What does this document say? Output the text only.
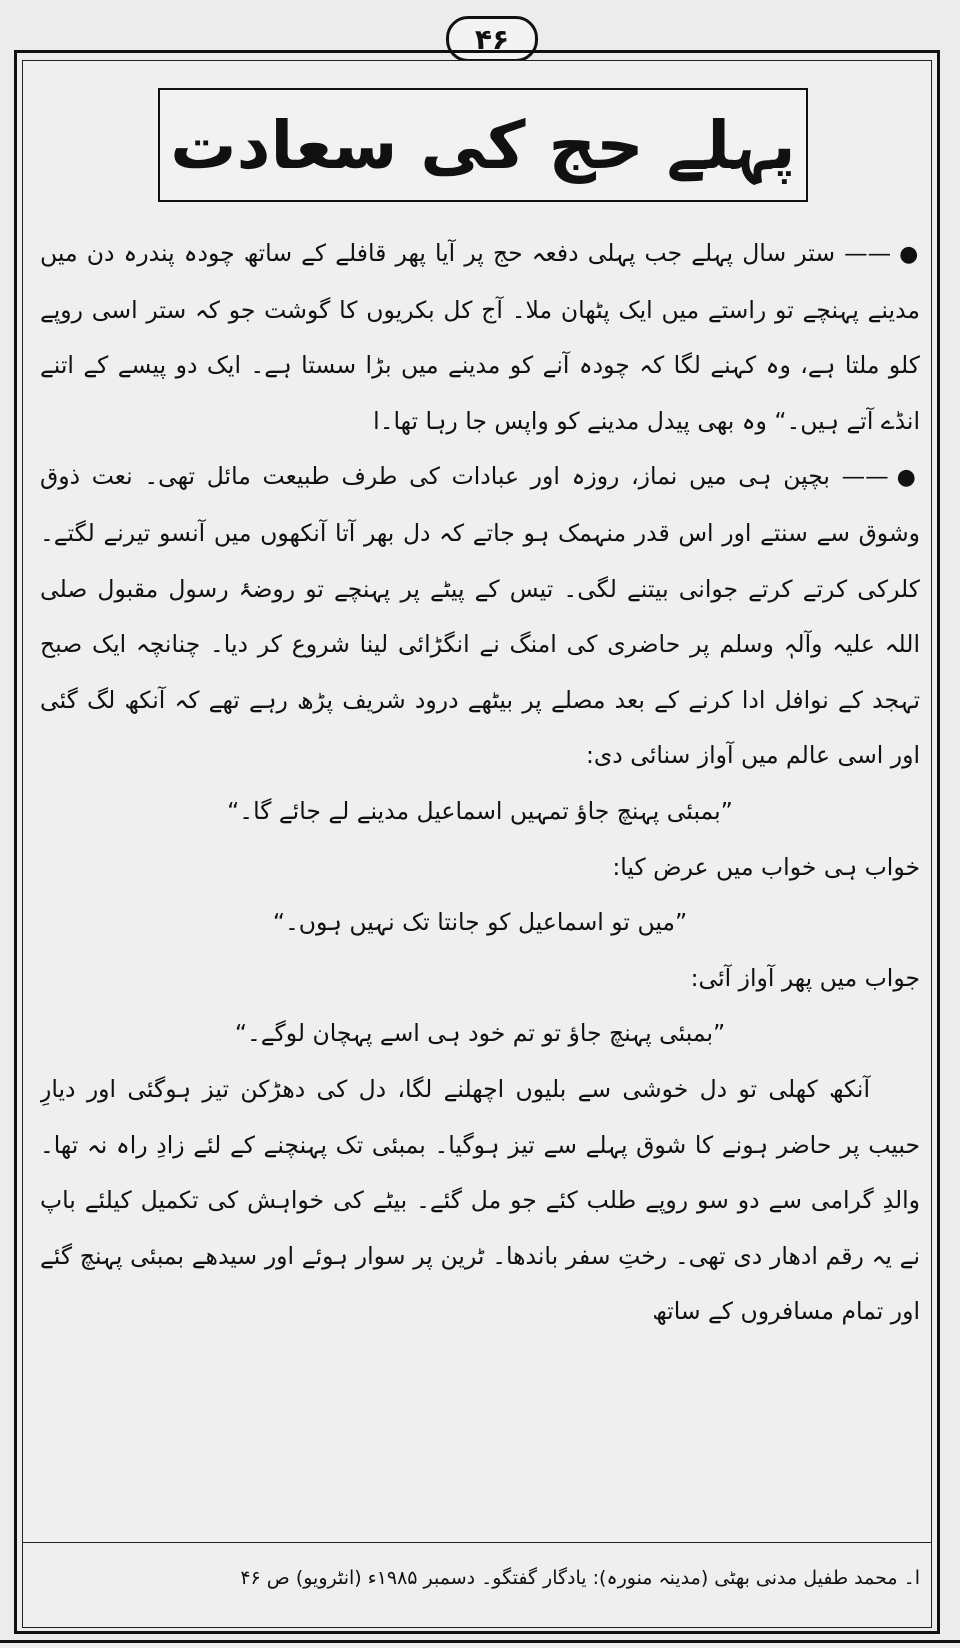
۴۶
پہلے حج کی سعادت

●—— ستر سال پہلے جب پہلی دفعہ حج پر آیا پھر قافلے کے ساتھ چودہ پندرہ دن میں مدینے پہنچے تو راستے میں ایک پٹھان ملا۔ آج کل بکریوں کا گوشت جو کہ ستر اسی روپے کلو ملتا ہے، وہ کہنے لگا کہ چودہ آنے کو مدینے میں بڑا سستا ہے۔ ایک دو پیسے کے اتنے انڈے آتے ہیں۔“ وہ بھی پیدل مدینے کو واپس جا رہا تھا۔ا

●—— بچپن ہی میں نماز، روزہ اور عبادات کی طرف طبیعت مائل تھی۔ نعت ذوق وشوق سے سنتے اور اس قدر منہمک ہو جاتے کہ دل بھر آتا آنکھوں میں آنسو تیرنے لگتے۔ کلرکی کرتے کرتے جوانی بیتنے لگی۔ تیس کے پیٹے پر پہنچے تو روضۂ رسول مقبول صلی اللہ علیہ وآلہٖ وسلم پر حاضری کی امنگ نے انگڑائی لینا شروع کر دیا۔ چنانچہ ایک صبح تہجد کے نوافل ادا کرنے کے بعد مصلے پر بیٹھے درود شریف پڑھ رہے تھے کہ آنکھ لگ گئی اور اسی عالم میں آواز سنائی دی:

”بمبئی پہنچ جاؤ تمہیں اسماعیل مدینے لے جائے گا۔“

خواب ہی خواب میں عرض کیا:

”میں تو اسماعیل کو جانتا تک نہیں ہوں۔“

جواب میں پھر آواز آئی:

”بمبئی پہنچ جاؤ تو تم خود ہی اسے پہچان لوگے۔“

آنکھ کھلی تو دل خوشی سے بلیوں اچھلنے لگا، دل کی دھڑکن تیز ہوگئی اور دیارِ حبیب پر حاضر ہونے کا شوق پہلے سے تیز ہوگیا۔ بمبئی تک پہنچنے کے لئے زادِ راہ نہ تھا۔ والدِ گرامی سے دو سو روپے طلب کئے جو مل گئے۔ بیٹے کی خواہش کی تکمیل کیلئے باپ نے یہ رقم ادھار دی تھی۔ رختِ سفر باندھا۔ ٹرین پر سوار ہوئے اور سیدھے بمبئی پہنچ گئے اور تمام مسافروں کے ساتھ

ا۔ محمد طفیل مدنی بھٹی (مدینہ منورہ): یادگار گفتگو۔ دسمبر ۱۹۸۵ء (انٹرویو) ص ۴۶
